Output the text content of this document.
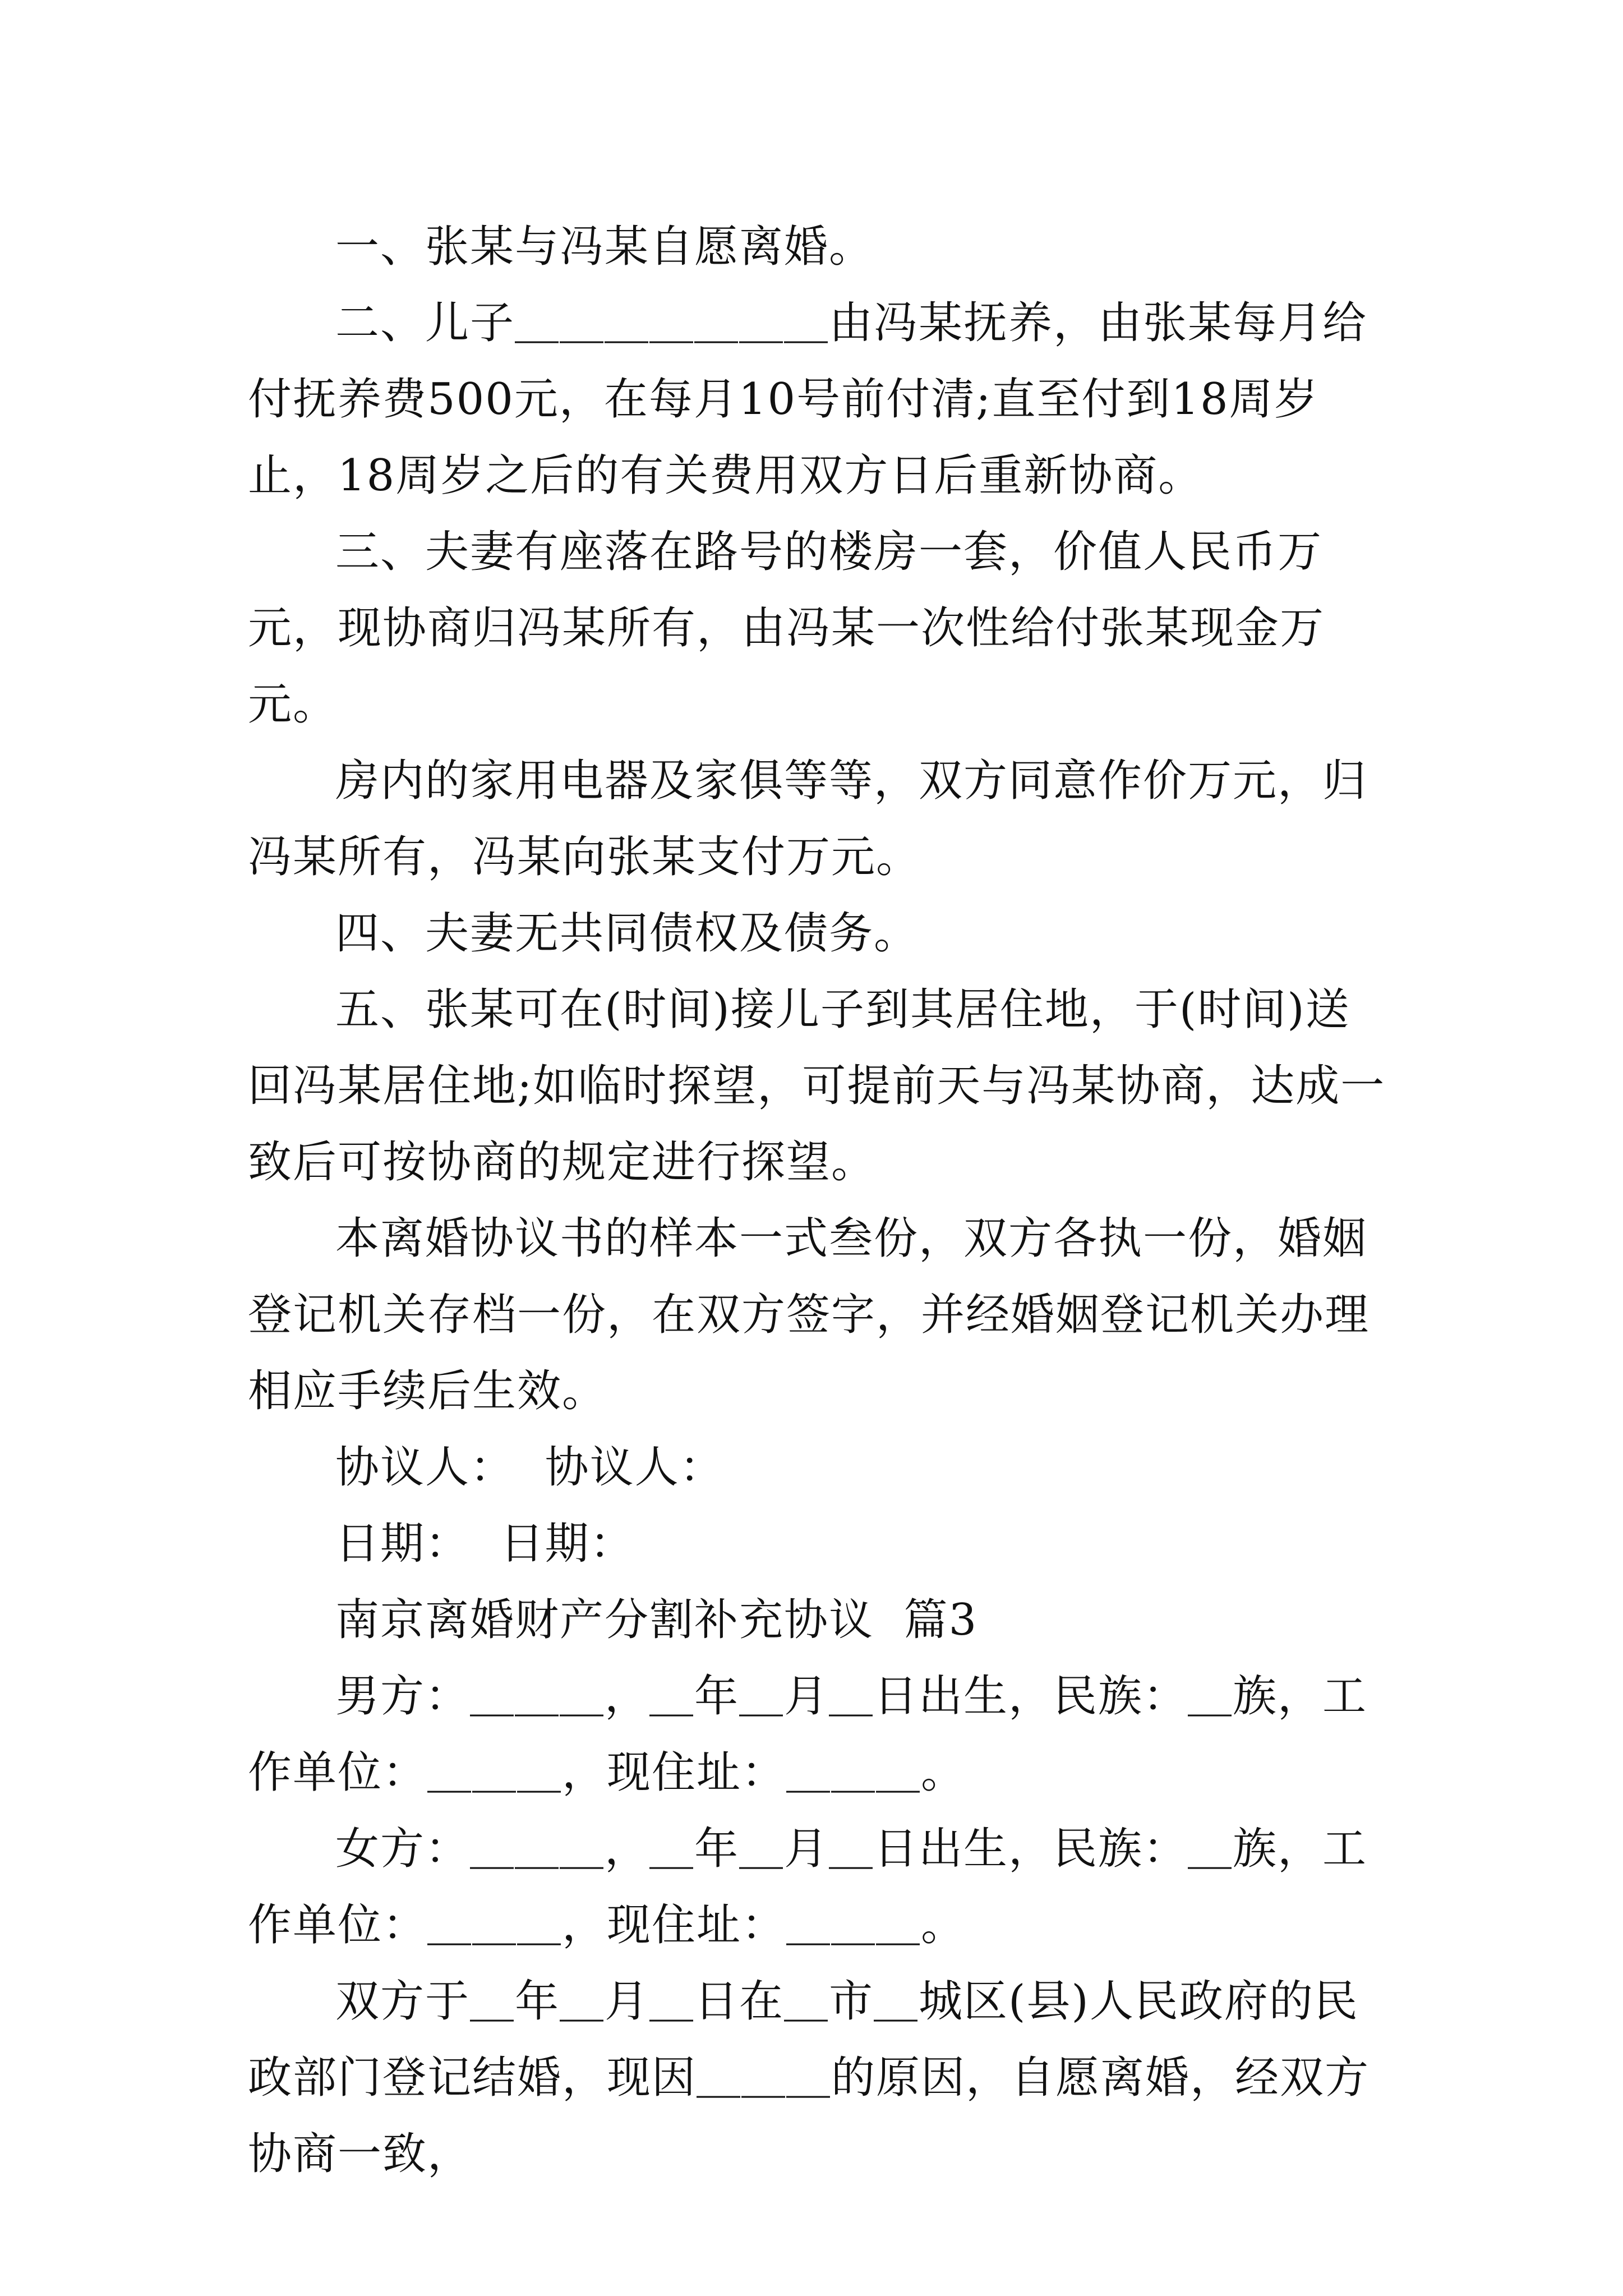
一、张某与冯某自愿离婚。

二、儿子＿＿＿＿＿＿＿由冯某抚养，由张某每月给付抚养费500元，在每月10号前付清;直至付到18周岁止，18周岁之后的有关费用双方日后重新协商。

三、夫妻有座落在路号的楼房一套，价值人民币万元，现协商归冯某所有，由冯某一次性给付张某现金万元。

房内的家用电器及家俱等等，双方同意作价万元，归冯某所有，冯某向张某支付万元。

四、夫妻无共同债权及债务。

五、张某可在(时间)接儿子到其居住地，于(时间)送回冯某居住地;如临时探望，可提前天与冯某协商，达成一致后可按协商的规定进行探望。

本离婚协议书的样本一式叁份，双方各执一份，婚姻登记机关存档一份，在双方签字，并经婚姻登记机关办理相应手续后生效。

协议人：  协议人：

日期：  日期：

南京离婚财产分割补充协议  篇3

男方：＿＿＿，＿年＿月＿日出生，民族：＿族，工作单位：＿＿＿，现住址：＿＿＿。

女方：＿＿＿，＿年＿月＿日出生，民族：＿族，工作单位：＿＿＿，现住址：＿＿＿。

双方于＿年＿月＿日在＿市＿城区(县)人民政府的民政部门登记结婚，现因＿＿＿的原因，自愿离婚，经双方协商一致，
